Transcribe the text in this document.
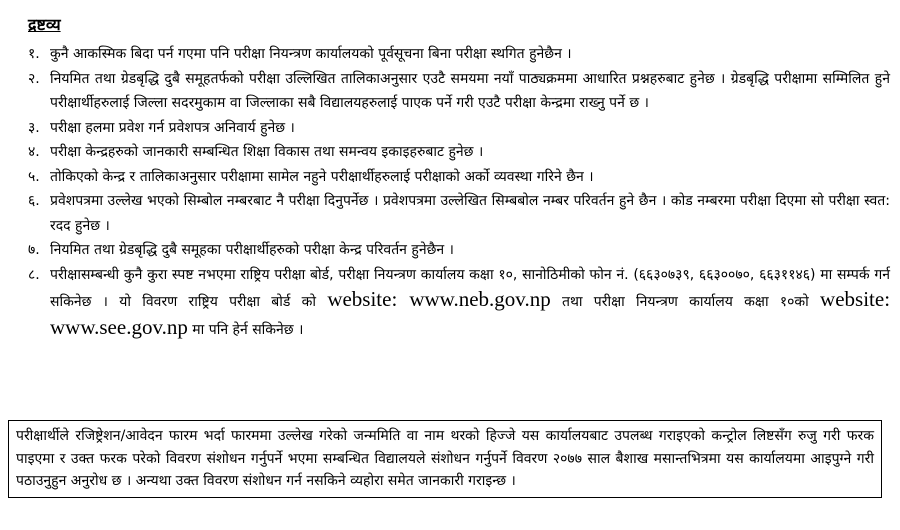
द्रष्टव्य
१. कुनै आकस्मिक बिदा पर्न गएमा पनि परीक्षा नियन्त्रण कार्यालयको पूर्वसूचना बिना परीक्षा स्थगित हुनेछैन ।
२. नियमित तथा ग्रेडबृद्धि दुबै समूहतर्फको परीक्षा उल्लिखित तालिकाअनुसार एउटै समयमा नयाँ पाठ्यक्रममा आधारित प्रश्नहरुबाट हुनेछ । ग्रेडबृद्धि परीक्षामा सम्मिलित हुने परीक्षार्थीहरुलाई जिल्ला सदरमुकाम वा जिल्लाका सबै विद्यालयहरुलाई पाएक पर्ने गरी एउटै परीक्षा केन्द्रमा राख्नु पर्ने छ ।
३. परीक्षा हलमा प्रवेश गर्न प्रवेशपत्र अनिवार्य हुनेछ ।
४. परीक्षा केन्द्रहरुको जानकारी सम्बन्धित शिक्षा विकास तथा समन्वय इकाइहरुबाट हुनेछ ।
५. तोकिएको केन्द्र र तालिकाअनुसार परीक्षामा सामेल नहुने परीक्षार्थीहरुलाई परीक्षाको अर्को व्यवस्था गरिने छैन ।
६. प्रवेशपत्रमा उल्लेख भएको सिम्बोल नम्बरबाट नै परीक्षा दिनुपर्नेछ । प्रवेशपत्रमा उल्लेखित सिम्बबोल नम्बर परिवर्तन हुने छैन । कोड नम्बरमा परीक्षा दिएमा सो परीक्षा स्वत: रदद हुनेछ ।
७. नियमित तथा ग्रेडबृद्धि दुबै समूहका परीक्षार्थीहरुको परीक्षा केन्द्र परिवर्तन हुनेछैन ।
८. परीक्षासम्बन्धी कुनै कुरा स्पष्ट नभएमा राष्ट्रिय परीक्षा बोर्ड, परीक्षा नियन्त्रण कार्यालय कक्षा १०, सानोठिमीको फोन नं. (६६३०७३९, ६६३००७०, ६६३११४६) मा सम्पर्क गर्न सकिनेछ । यो विवरण राष्ट्रिय परीक्षा बोर्ड को website: www.neb.gov.np तथा परीक्षा नियन्त्रण कार्यालय कक्षा १०को website: www.see.gov.np मा पनि हेर्न सकिनेछ ।
परीक्षार्थीले रजिष्ट्रेशन/आवेदन फारम भर्दा फारममा उल्लेख गरेको जन्ममिति वा नाम थरको हिज्जे यस कार्यालयबाट उपलब्ध गराइएको कन्ट्रोल लिष्टसँग रुजु गरी फरक पाइएमा र उक्त फरक परेको विवरण संशोधन गर्नुपर्ने भएमा सम्बन्धित विद्यालयले संशोधन गर्नुपर्ने विवरण २०७७ साल बैशाख मसान्तभित्रमा यस कार्यालयमा आइपुग्ने गरी पठाउनुहुन अनुरोध छ । अन्यथा उक्त विवरण संशोधन गर्न नसकिने व्यहोरा समेत जानकारी गराइन्छ ।
